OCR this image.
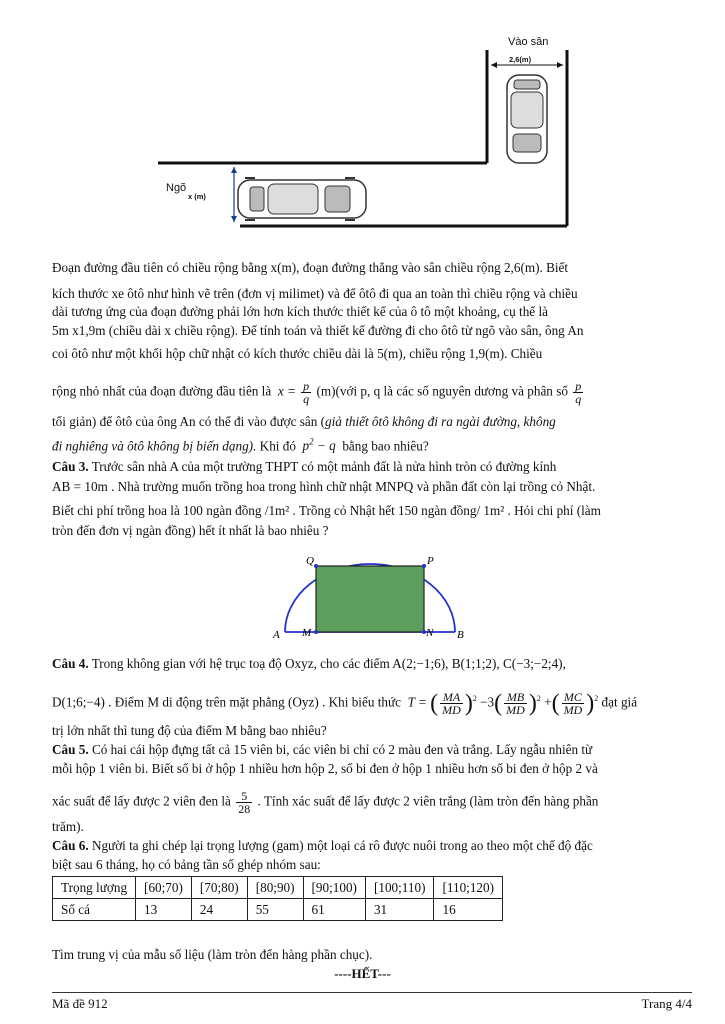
Vào sân
2,6(m)
Ngõ
x (m)
Đoạn đường đầu tiên có chiều rộng bằng x(m), đoạn đường thẳng vào sân chiều rộng 2,6(m). Biết
kích thước xe ôtô như hình vẽ trên (đơn vị milimet) và để ôtô đi qua an toàn thì chiều rộng và chiều
dài tương ứng của đoạn đường phải lớn hơn kích thước thiết kế của ô tô một khoảng, cụ thể là
5m x1,9m (chiều dài x chiều rộng). Để tính toán và thiết kế đường đi cho ôtô từ ngõ vào sân, ông An
coi ôtô như một khối hộp chữ nhật có kích thước chiều dài là 5(m), chiều rộng 1,9(m). Chiều
rộng nhỏ nhất của đoạn đường đầu tiên là  $x = \frac{p}{q}$ (m)(với p, q là các số nguyên dương và phân số $\frac{p}{q}$
tối giản) để ôtô của ông An có thể đi vào được sân (giả thiết ôtô không đi ra ngài đường, không
đi nghiêng và ôtô không bị biến dạng). Khi đó  $p^2 - q$  bằng bao nhiêu?
Câu 3. Trước sân nhà A của một trường THPT có một mảnh đất là nửa hình tròn có đường kính
AB = 10m . Nhà trường muốn trồng hoa trong hình chữ nhật MNPQ và phần đất còn lại trồng cỏ Nhật.
Biết chi phí trồng hoa là 100 ngàn đồng /1m² . Trồng cỏ Nhật hết 150 ngàn đồng/ 1m² . Hỏi chi phí (làm
tròn đến đơn vị ngàn đồng) hết ít nhất là bao nhiêu ?
Q	P
A M	N B
Câu 4. Trong không gian với hệ trục toạ độ Oxyz, cho các điểm A(2;−1;6), B(1;1;2), C(−3;−2;4),
D(1;6;−4) . Điểm M di động trên mặt phẳng (Oyz) . Khi biểu thức  T = ( $\frac{MA}{MD} )^2 -3( \frac{MB}{MD} )^2$ +( $\frac{MC}{MD} )^2$ đạt giá
trị lớn nhất thì tung độ của điểm M bằng bao nhiêu?
Câu 5. Có hai cái hộp đựng tất cả 15 viên bi, các viên bi chỉ có 2 màu đen và trắng. Lấy ngẫu nhiên từ
mỗi hộp 1 viên bi. Biết số bi ở hộp 1 nhiều hơn hộp 2, số bi đen ở hộp 1 nhiều hơn số bi đen ở hộp 2 và
xác suất để lấy được 2 viên đen là $\frac{5}{28}$ . Tính xác suất để lấy được 2 viên trắng (làm tròn đến hàng phần
trăm).
Câu 6. Người ta ghi chép lại trọng lượng (gam) một loại cá rô được nuôi trong ao theo một chế độ đặc
biệt sau 6 tháng, họ có bảng tần số ghép nhóm sau:
Trọng lượng	[60;70)	[70;80)	[80;90)	[90;100)	[100;110)	[110;120)
Số cá	13	24	55	61	31	16
Tìm trung vị của mẫu số liệu (làm tròn đến hàng phần chục).
----HẾT---
Mã đề 912	Trang 4/4
